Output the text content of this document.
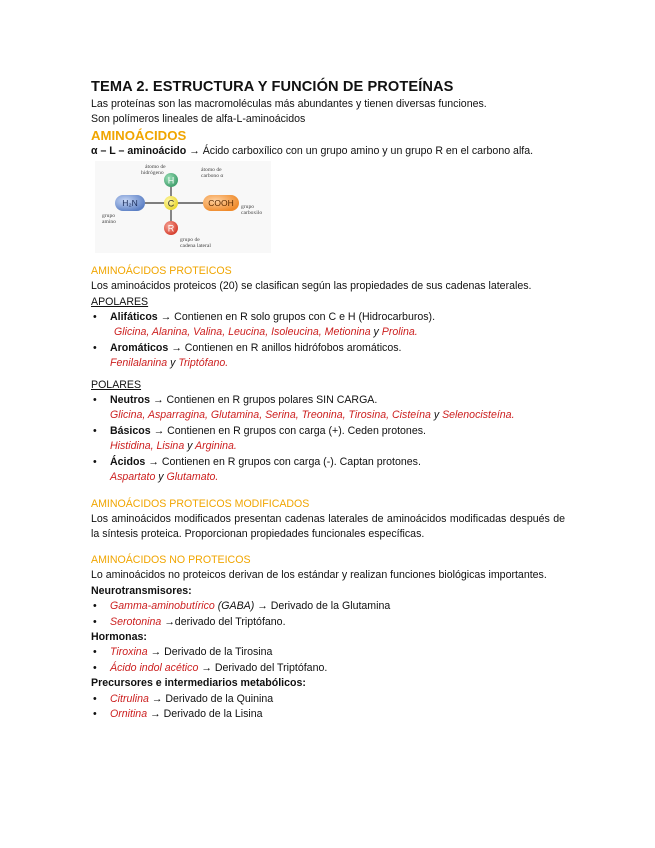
TEMA 2. ESTRUCTURA Y FUNCIÓN DE PROTEÍNAS

Las proteínas son las macromoléculas más abundantes y tienen diversas funciones.

Son polímeros lineales de alfa-L-aminoácidos

AMINOÁCIDOS

α – L – aminoácido → Ácido carboxílico con un grupo amino y un grupo R en el carbono alfa.

H
C
R
H₂N	COOH
átomo de
hidrógeno	átomo de
carbono α
grupo
amino
grupo
carboxilo
grupo de
cadena lateral
AMINOÁCIDOS PROTEICOS

Los aminoácidos proteicos (20) se clasifican según las propiedades de sus cadenas laterales.

APOLARES
• Alifáticos → Contienen en R solo grupos con C e H (Hidrocarburos).
Glicina, Alanina, Valina, Leucina, Isoleucina, Metionina y Prolina.
• Aromáticos → Contienen en R anillos hidrófobos aromáticos.
Fenilalanina y Triptófano.
POLARES
• Neutros → Contienen en R grupos polares SIN CARGA.
Glicina, Asparragina, Glutamina, Serina, Treonina, Tirosina, Cisteína y Selenocisteína.
• Básicos → Contienen en R grupos con carga (+). Ceden protones.
Histidina, Lisina y Arginina.
• Ácidos → Contienen en R grupos con carga (-). Captan protones.
Aspartato y Glutamato.
AMINOÁCIDOS PROTEICOS MODIFICADOS

Los aminoácidos modificados presentan cadenas laterales de aminoácidos modificadas después de la síntesis proteica. Proporcionan propiedades funcionales específicas.

AMINOÁCIDOS NO PROTEICOS

Lo aminoácidos no proteicos derivan de los estándar y realizan funciones biológicas importantes.

Neurotransmisores:
• Gamma-aminobutírico (GABA) → Derivado de la Glutamina
• Serotonina →derivado del Triptófano.
Hormonas:
• Tiroxina → Derivado de la Tirosina
• Ácido indol acético → Derivado del Triptófano.
Precursores e intermediarios metabólicos:
• Citrulina → Derivado de la Quinina
• Ornitina → Derivado de la Lisina
